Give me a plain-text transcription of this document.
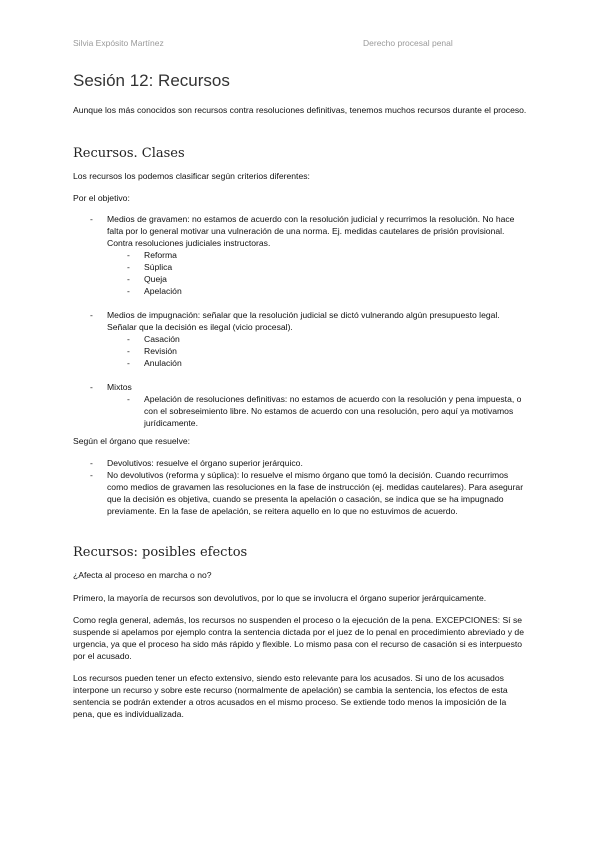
Silvia Expósito Martínez	Derecho procesal penal
Sesión 12: Recursos

Aunque los más conocidos son recursos contra resoluciones definitivas, tenemos muchos recursos durante el proceso.

Recursos. Clases

Los recursos los podemos clasificar según criterios diferentes:

Por el objetivo:

- Medios de gravamen: no estamos de acuerdo con la resolución judicial y recurrimos la resolución. No hace falta por lo general motivar una vulneración de una norma. Ej. medidas cautelares de prisión provisional. Contra resoluciones judiciales instructoras.
- Reforma
- Súplica
- Queja
- Apelación
- Medios de impugnación: señalar que la resolución judicial se dictó vulnerando algún presupuesto legal. Señalar que la decisión es ilegal (vicio procesal).
- Casación
- Revisión
- Anulación
- Mixtos
- Apelación de resoluciones definitivas: no estamos de acuerdo con la resolución y pena impuesta, o con el sobreseimiento libre. No estamos de acuerdo con una resolución, pero aquí ya motivamos jurídicamente.

Según el órgano que resuelve:

- Devolutivos: resuelve el órgano superior jerárquico.
- No devolutivos (reforma y súplica): lo resuelve el mismo órgano que tomó la decisión. Cuando recurrimos como medios de gravamen las resoluciones en la fase de instrucción (ej. medidas cautelares). Para asegurar que la decisión es objetiva, cuando se presenta la apelación o casación, se indica que se ha impugnado previamente. En la fase de apelación, se reitera aquello en lo que no estuvimos de acuerdo.
Recursos: posibles efectos

¿Afecta al proceso en marcha o no?

Primero, la mayoría de recursos son devolutivos, por lo que se involucra el órgano superior jerárquicamente.

Como regla general, además, los recursos no suspenden el proceso o la ejecución de la pena. EXCEPCIONES: Sí se suspende si apelamos por ejemplo contra la sentencia dictada por el juez de lo penal en procedimiento abreviado y de urgencia, ya que el proceso ha sido más rápido y flexible. Lo mismo pasa con el recurso de casación si es interpuesto por el acusado.

Los recursos pueden tener un efecto extensivo, siendo esto relevante para los acusados. Si uno de los acusados interpone un recurso y sobre este recurso (normalmente de apelación) se cambia la sentencia, los efectos de esta sentencia se podrán extender a otros acusados en el mismo proceso. Se extiende todo menos la imposición de la pena, que es individualizada.
